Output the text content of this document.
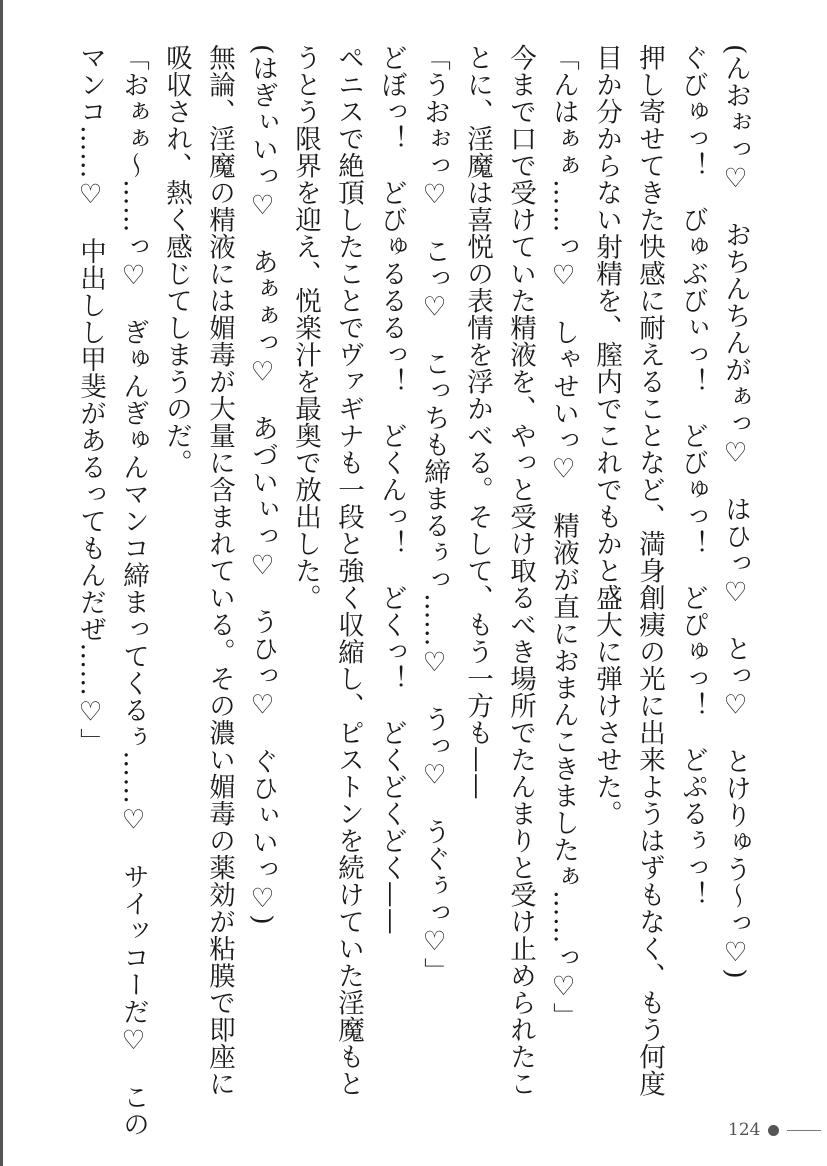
(んおぉっ♡　おちんちんがぁっ♡　はひっ♡　とっ♡　とけりゅう〜っ♡)

ぐびゅっ！　びゅぶびぃっ！　どびゅっ！　どぴゅっ！　どぷるぅっ！

押し寄せてきた快感に耐えることなど、満身創痍の光に出来ようはずもなく、もう何度

目か分からない射精を、膣内でこれでもかと盛大に弾けさせた。

「んはぁぁ……っ♡　しゃせいっ♡　精液が直におまんこきましたぁ……っ♡」

今まで口で受けていた精液を、やっと受け取るべき場所でたんまりと受け止められたこ

とに、淫魔は喜悦の表情を浮かべる。そして、もう一方も——

「うおぉっ♡　こっ♡　こっちも締まるぅっ……♡　うっ♡　うぐぅっ♡」

どぼっ！　どびゅるるるっ！　どくんっ！　どくっ！　どくどくどく——

ペニスで絶頂したことでヴァギナも一段と強く収縮し、ピストンを続けていた淫魔もと

うとう限界を迎え、悦楽汁を最奥で放出した。

(はぎぃいっ♡　あぁぁっ♡　あづいぃっ♡　うひっ♡　ぐひぃいっ♡)

無論、淫魔の精液には媚毒が大量に含まれている。その濃い媚毒の薬効が粘膜で即座に

吸収され、熱く感じてしまうのだ。

「おぁぁ〜……っ♡　ぎゅんぎゅんマンコ締まってくるぅ……♡　サイッコーだ♡　この

マンコ……♡　中出しし甲斐があるってもんだぜ……♡」

124
